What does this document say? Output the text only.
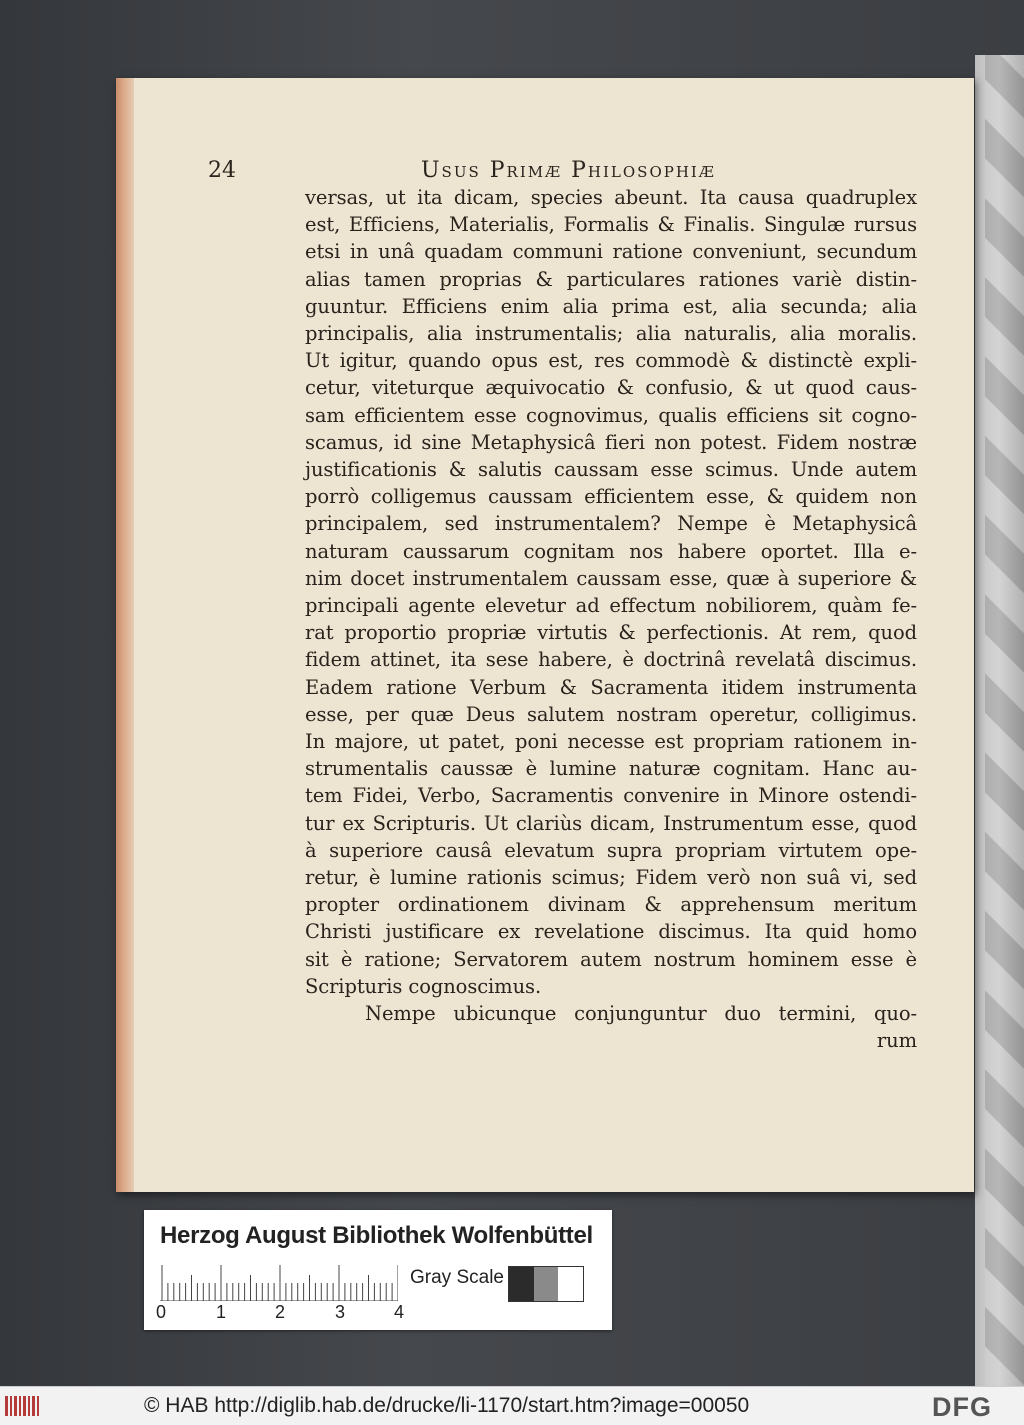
24	Usus Primæ Philosophiæ
versas, ut ita dicam, species abeunt. Ita causa quadruplex
est, Efficiens, Materialis, Formalis & Finalis. Singulæ rursus
etsi in unâ quadam communi ratione conveniunt, secundum
alias tamen proprias & particulares rationes variè distin-
guuntur. Efficiens enim alia prima est, alia secunda; alia
principalis, alia instrumentalis; alia naturalis, alia moralis.
Ut igitur, quando opus est, res commodè & distinctè expli-
cetur, viteturque æquivocatio & confusio, & ut quod caus-
sam efficientem esse cognovimus, qualis efficiens sit cogno-
scamus, id sine Metaphysicâ fieri non potest. Fidem nostræ
justificationis & salutis caussam esse scimus. Unde autem
porrò colligemus caussam efficientem esse, & quidem non
principalem, sed instrumentalem? Nempe è Metaphysicâ
naturam caussarum cognitam nos habere oportet. Illa e-
nim docet instrumentalem caussam esse, quæ à superiore &
principali agente elevetur ad effectum nobiliorem, quàm fe-
rat proportio propriæ virtutis & perfectionis. At rem, quod
fidem attinet, ita sese habere, è doctrinâ revelatâ discimus.
Eadem ratione Verbum & Sacramenta itidem instrumenta
esse, per quæ Deus salutem nostram operetur, colligimus.
In majore, ut patet, poni necesse est propriam rationem in-
strumentalis caussæ è lumine naturæ cognitam. Hanc au-
tem Fidei, Verbo, Sacramentis convenire in Minore ostendi-
tur ex Scripturis. Ut clariùs dicam, Instrumentum esse, quod
à superiore causâ elevatum supra propriam virtutem ope-
retur, è lumine rationis scimus; Fidem verò non suâ vi, sed
propter ordinationem divinam & apprehensum meritum
Christi justificare ex revelatione discimus. Ita quid homo
sit è ratione; Servatorem autem nostrum hominem esse è
Scripturis cognoscimus.
Nempe ubicunque conjunguntur duo termini, quo-
rum
Herzog August Bibliothek Wolfenbüttel
0	1	2	3	4
Gray Scale
© HAB http://diglib.hab.de/drucke/li-1170/start.htm?image=00050	DFG
